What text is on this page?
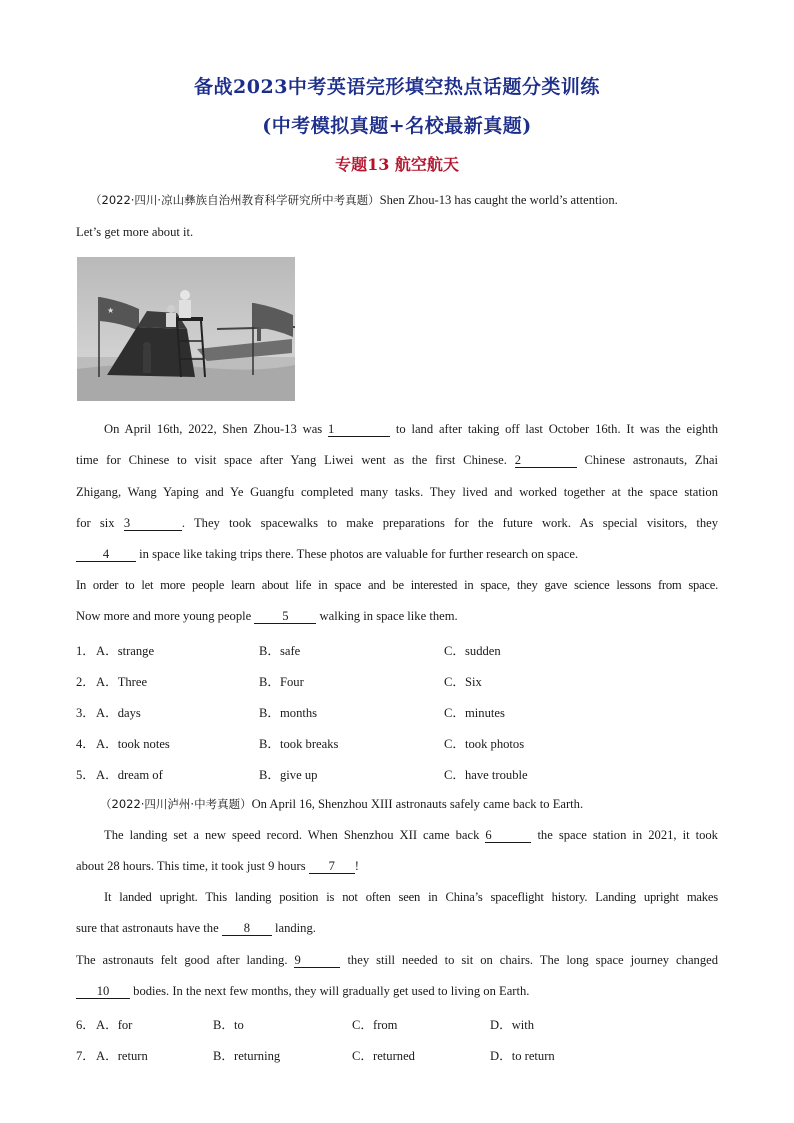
备战2023中考英语完形填空热点话题分类训练
(中考模拟真题+名校最新真题)
专题13 航空航天
（2022·四川·凉山彝族自治州教育科学研究所中考真题）Shen Zhou-13 has caught the world’s attention.
Let’s get more about it.
★
On April 16th, 2022, Shen Zhou-13 was 1	to land after taking off last October 16th. It was the eighth
time for Chinese to visit space after Yang Liwei went as the first Chinese. 2	Chinese astronauts, Zhai
Zhigang, Wang Yaping and Ye Guangfu completed many tasks. They lived and worked together at the space station
for six 3	. They took spacewalks to make preparations for the future work. As special visitors, they
4 in space like taking trips there. These photos are valuable for further research on space.
In order to let more people learn about life in space and be interested in space, they gave science lessons from space.
Now more and more young people 5 walking in space like them.
1． A．strange	B．safe	C．sudden
2． A．Three	B．Four	C．Six
3． A．days	B．months	C．minutes
4． A．took notes	B．took breaks	C．took photos
5． A．dream of	B．give up	C．have trouble
（2022·四川泸州·中考真题）On April 16, Shenzhou XIII astronauts safely came back to Earth.
The landing set a new speed record. When Shenzhou XII came back 6	the space station in 2021, it took
about 28 hours. This time, it took just 9 hours 7 !
It landed upright. This landing position is not often seen in China’s spaceflight history. Landing upright makes
sure that astronauts have the 8 landing.
The astronauts felt good after landing. 9	they still needed to sit on chairs. The long space journey changed
10 bodies. In the next few months, they will gradually get used to living on Earth.
6． A．for	B．to	C．from	D．with
7． A．return	B．returning	C．returned	D．to return
